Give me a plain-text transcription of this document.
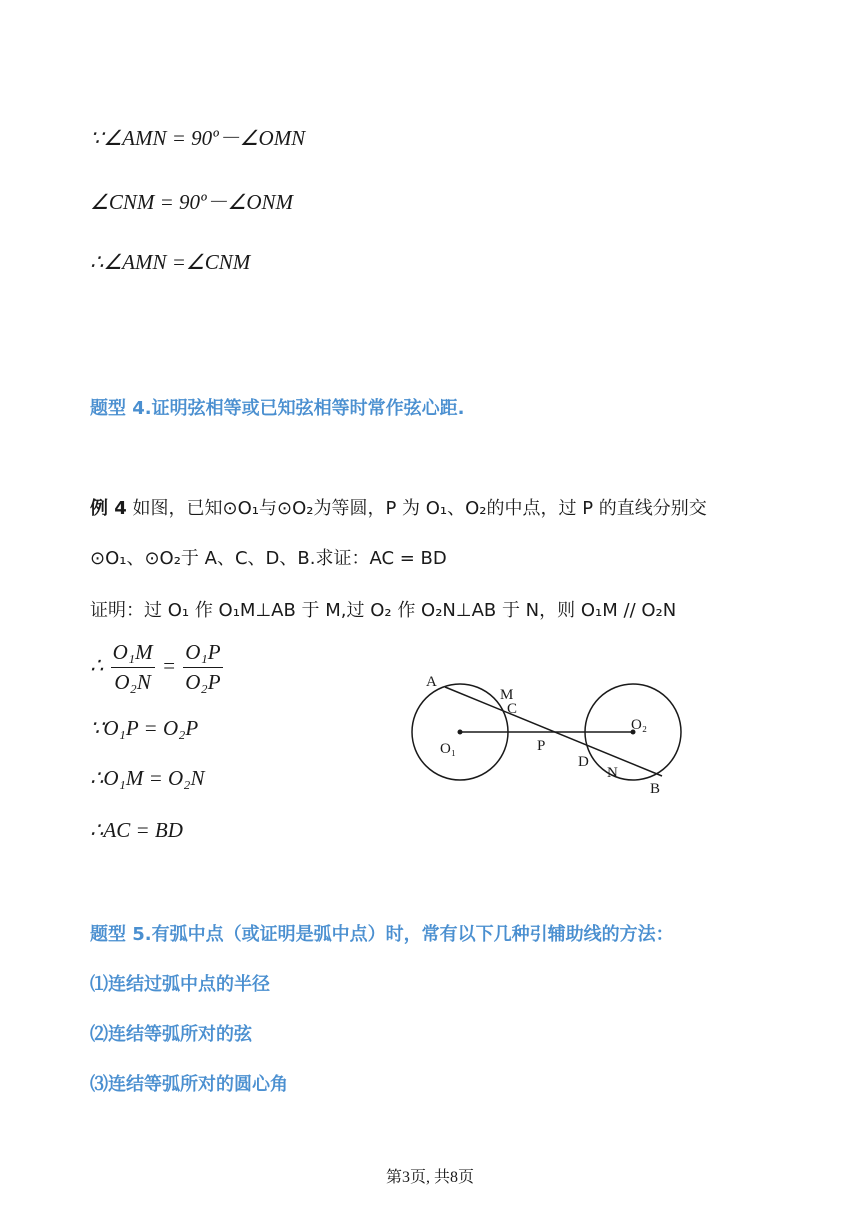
∵∠AMN = 90º－∠OMN
∠CNM = 90º－∠ONM
∴∠AMN =∠CNM
题型 4.证明弦相等或已知弦相等时常作弦心距.
例 4 如图，已知⊙O₁与⊙O₂为等圆，P 为 O₁、O₂的中点，过 P 的直线分别交
⊙O₁、⊙O₂于 A、C、D、B.求证：AC = BD
证明：过 O₁ 作 O₁M⊥AB 于 M,过 O₂ 作 O₂N⊥AB 于 N，则 O₁M // O₂N
∴ $\frac{\text{O₁M}}{\text{O₂N}} = \frac{\text{O₁P}}{\text{O₂P}}$
∵O₁P = O₂P
∴O₁M = O₂N
∴AC = BD
A
M
C
O₁	P
D
N
O₂
B
题型 5.有弧中点（或证明是弧中点）时，常有以下几种引辅助线的方法：
⑴连结过弧中点的半径
⑵连结等弧所对的弦
⑶连结等弧所对的圆心角
第3页, 共8页
